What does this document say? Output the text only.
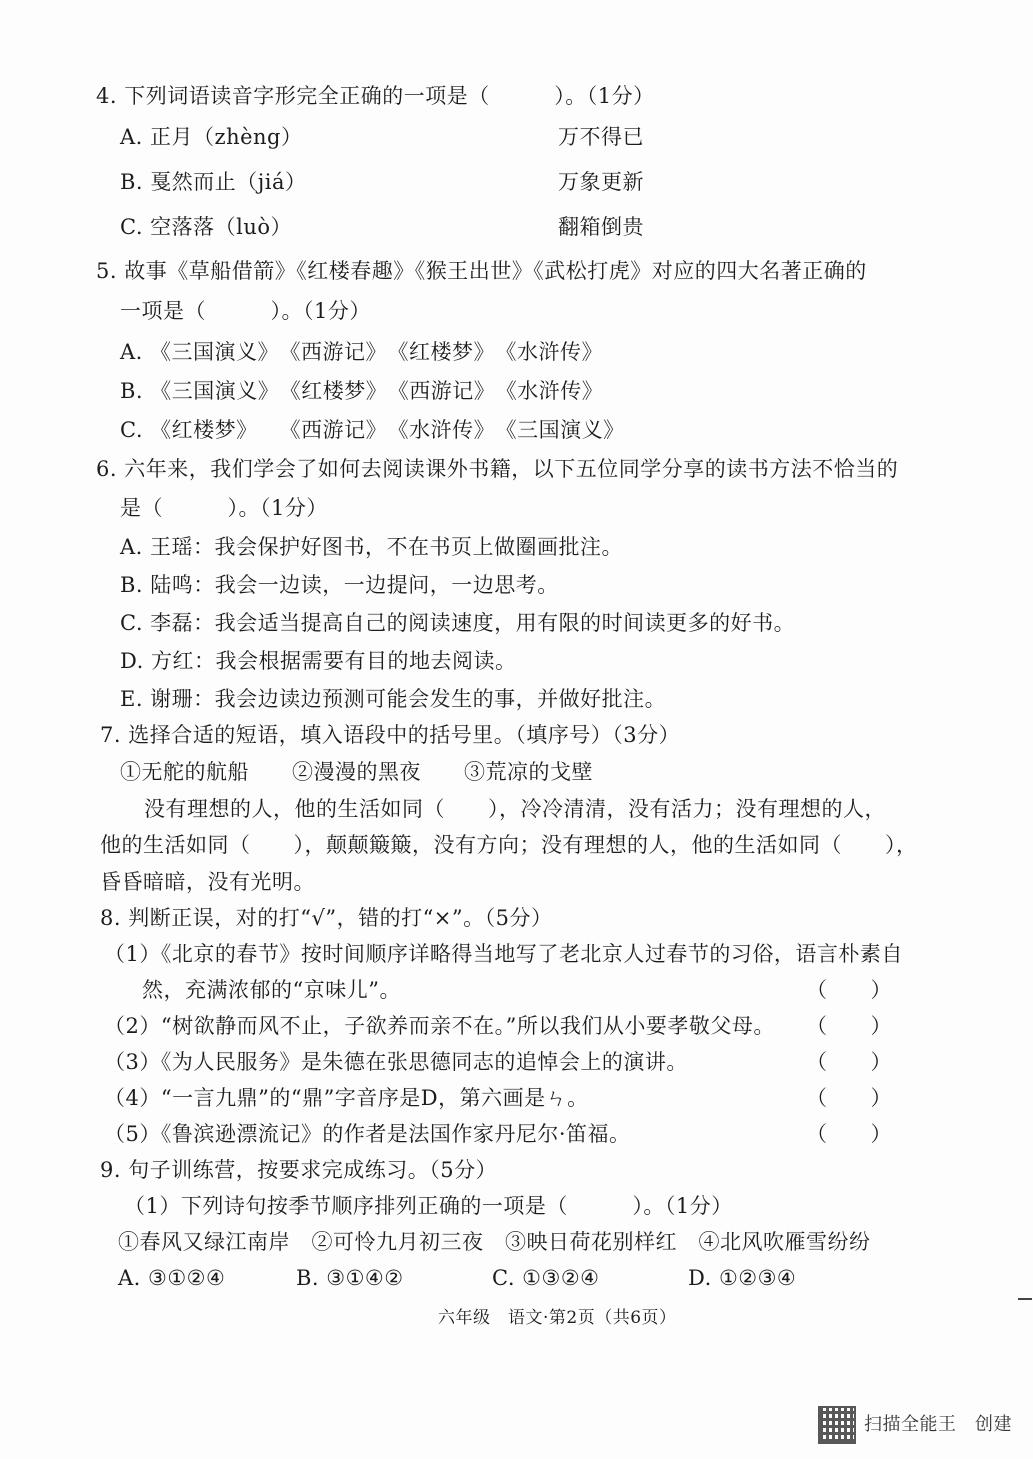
4. 下列词语读音字形完全正确的一项是（　　　）。（1分）
A. 正月（zhèng）	万不得已
B. 戛然而止（jiá）	万象更新
C. 空落落（luò）	翻箱倒贵
5. 故事《草船借箭》《红楼春趣》《猴王出世》《武松打虎》对应的四大名著正确的
一项是（　　　）。（1分）
A. 《三国演义》　《西游记》　《红楼梦》　《水浒传》
B. 《三国演义》　《红楼梦》　《西游记》　《水浒传》
C. 《红楼梦》　　《西游记》　《水浒传》　《三国演义》
6. 六年来，我们学会了如何去阅读课外书籍，以下五位同学分享的读书方法不恰当的
是（　　　）。（1分）
A. 王瑶：我会保护好图书，不在书页上做圈画批注。
B. 陆鸣：我会一边读，一边提问，一边思考。
C. 李磊：我会适当提高自己的阅读速度，用有限的时间读更多的好书。
D. 方红：我会根据需要有目的地去阅读。
E. 谢珊：我会边读边预测可能会发生的事，并做好批注。
7. 选择合适的短语，填入语段中的括号里。（填序号）（3分）
①无舵的航船　　②漫漫的黑夜　　③荒凉的戈壁
没有理想的人，他的生活如同（　　），冷冷清清，没有活力；没有理想的人，
他的生活如同（　　），颠颠簸簸，没有方向；没有理想的人，他的生活如同（　　），
昏昏暗暗，没有光明。
8. 判断正误，对的打“√”，错的打“×”。（5分）
（1）《北京的春节》按时间顺序详略得当地写了老北京人过春节的习俗，语言朴素自
然，充满浓郁的“京味儿”。	（　　）
（2）“树欲静而风不止，子欲养而亲不在。”所以我们从小要孝敬父母。 （　　）
（3）《为人民服务》是朱德在张思德同志的追悼会上的演讲。	（　　）
（4）“一言九鼎”的“鼎”字音序是D，第六画是ㄣ。	（　　）
（5）《鲁滨逊漂流记》的作者是法国作家丹尼尔·笛福。	（　　）
9. 句子训练营，按要求完成练习。（5分）
（1）下列诗句按季节顺序排列正确的一项是（　　　）。（1分）
①春风又绿江南岸　②可怜九月初三夜　③映日荷花别样红　④北风吹雁雪纷纷
A. ③①②④	B. ③①④②	C. ①③②④	D. ①②③④
六年级　语文·第2页（共6页）
扫描全能王　创建
